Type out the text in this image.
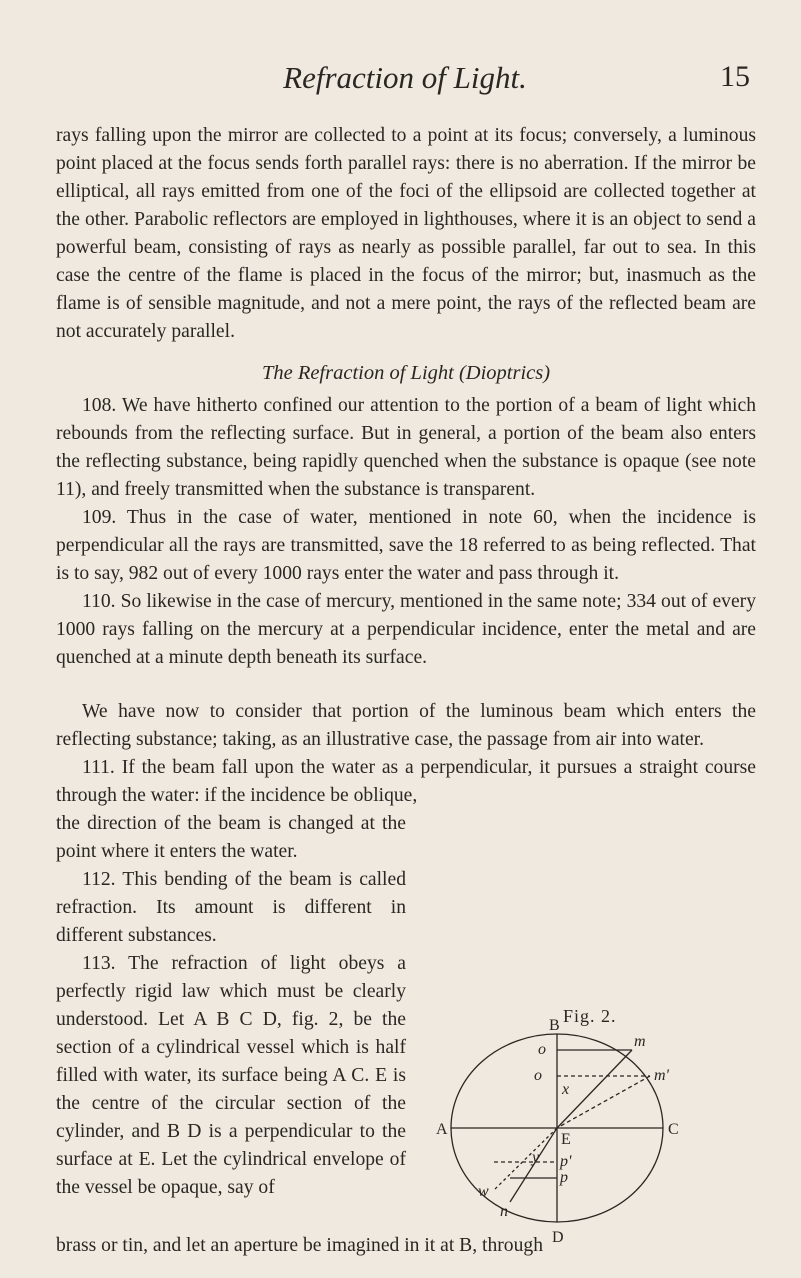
Refraction of Light.	15

rays falling upon the mirror are collected to a point at its focus; conversely, a luminous point placed at the focus sends forth parallel rays: there is no aberration. If the mirror be elliptical, all rays emitted from one of the foci of the ellipsoid are collected together at the other. Parabolic reflectors are employed in lighthouses, where it is an object to send a powerful beam, consisting of rays as nearly as possible parallel, far out to sea. In this case the centre of the flame is placed in the focus of the mirror; but, inasmuch as the flame is of sensible magnitude, and not a mere point, the rays of the reflected beam are not accurately parallel.

The Refraction of Light (Dioptrics)

108. We have hitherto confined our attention to the portion of a beam of light which rebounds from the reflecting surface. But in general, a portion of the beam also enters the reflecting substance, being rapidly quenched when the substance is opaque (see note 11), and freely transmitted when the substance is transparent.

109. Thus in the case of water, mentioned in note 60, when the incidence is perpendicular all the rays are transmitted, save the 18 referred to as being reflected. That is to say, 982 out of every 1000 rays enter the water and pass through it.

110. So likewise in the case of mercury, mentioned in the same note; 334 out of every 1000 rays falling on the mercury at a perpendicular incidence, enter the metal and are quenched at a minute depth beneath its surface.

We have now to consider that portion of the luminous beam which enters the reflecting substance; taking, as an illustrative case, the passage from air into water.

111. If the beam fall upon the water as a perpendicular, it pursues a straight course through the water: if the incidence be oblique,

the direction of the beam is changed at the point where it enters the water.

112. This bending of the beam is called refraction. Its amount is different in different substances.

113. The refraction of light obeys a perfectly rigid law which must be clearly understood. Let A B C D, fig. 2, be the section of a cylindrical vessel which is half filled with water, its surface being A C. E is the centre of the circular section of the cylinder, and B D is a perpendicular to the surface at E. Let the cylindrical envelope of the vessel be opaque, say of

brass or tin, and let an aperture be imagined in it at B, through

Fig. 2.
B
D
A	C
E
m
m'
o
o
x
y
p
p'
n
w
